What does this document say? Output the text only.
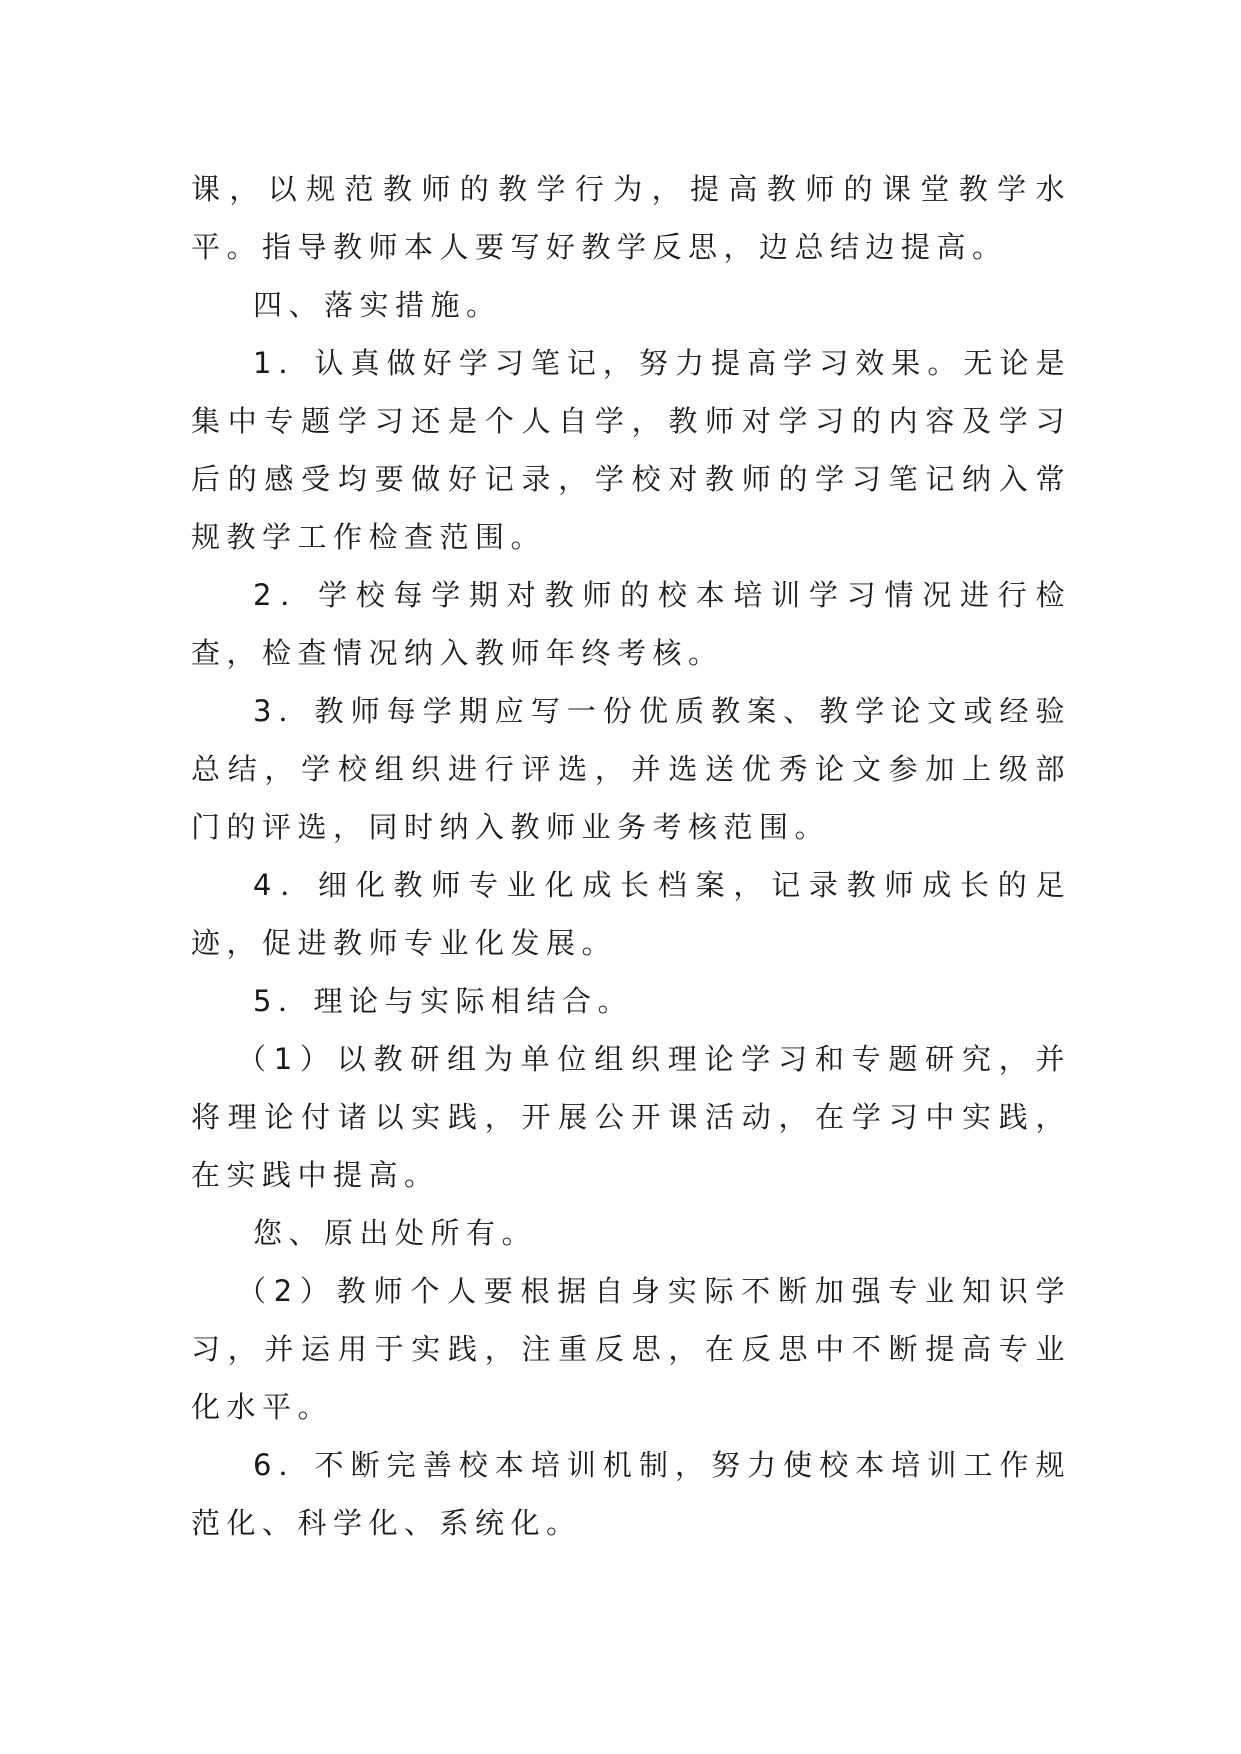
课，以规范教师的教学行为，提高教师的课堂教学水平。指导教师本人要写好教学反思，边总结边提高。

四、落实措施。

1．认真做好学习笔记，努力提高学习效果。无论是集中专题学习还是个人自学，教师对学习的内容及学习后的感受均要做好记录，学校对教师的学习笔记纳入常规教学工作检查范围。

2．学校每学期对教师的校本培训学习情况进行检查，检查情况纳入教师年终考核。

3．教师每学期应写一份优质教案、教学论文或经验总结，学校组织进行评选，并选送优秀论文参加上级部门的评选，同时纳入教师业务考核范围。

4．细化教师专业化成长档案，记录教师成长的足迹，促进教师专业化发展。

5．理论与实际相结合。

（1）以教研组为单位组织理论学习和专题研究，并将理论付诸以实践，开展公开课活动，在学习中实践，在实践中提高。

您、原出处所有。

（2）教师个人要根据自身实际不断加强专业知识学习，并运用于实践，注重反思，在反思中不断提高专业化水平。

6．不断完善校本培训机制，努力使校本培训工作规范化、科学化、系统化。
